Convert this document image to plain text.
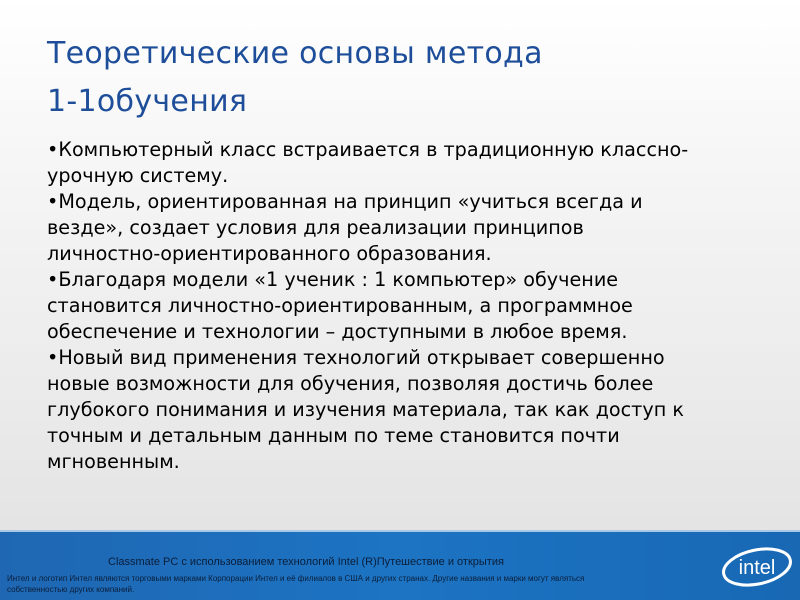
Теоретические основы метода
1-1обучения
•Компьютерный класс встраивается в традиционную классно-
урочную систему.
•Модель, ориентированная на принцип «учиться всегда и
везде», создает условия для реализации принципов
личностно-ориентированного образования.
•Благодаря модели «1 ученик : 1 компьютер» обучение
становится личностно-ориентированным, а программное
обеспечение и технологии – доступными в любое время.
•Новый вид применения технологий открывает совершенно
новые возможности для обучения, позволяя достичь более
глубокого понимания и изучения материала, так как доступ к
точным и детальным данным по теме становится почти
мгновенным.
Classmate PC с использованием технологий Intel (R)Путешествие и открытия
Интел и логотип Интел являются торговыми марками Корпорации Интел и её филиалов в США и других странах. Другие названия и марки могут являться
собственностью других компаний.
intel
